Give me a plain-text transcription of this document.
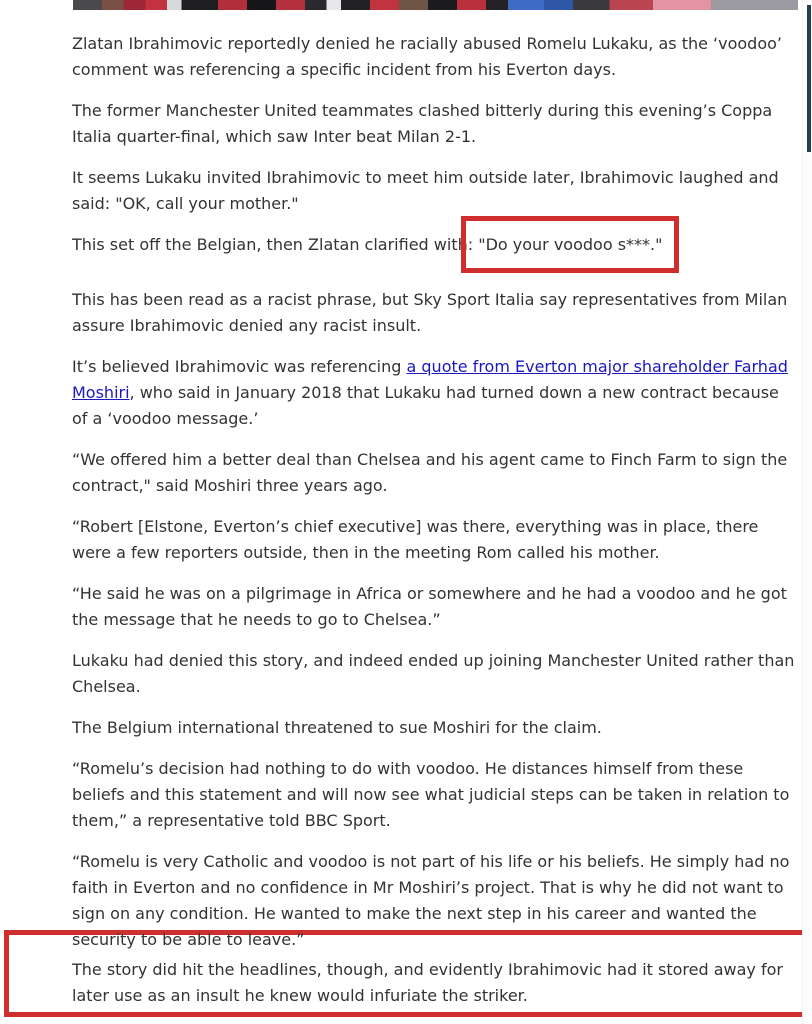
Zlatan Ibrahimovic reportedly denied he racially abused Romelu Lukaku, as the ‘voodoo’ comment was referencing a specific incident from his Everton days.

The former Manchester United teammates clashed bitterly during this evening’s Coppa Italia quarter-final, which saw Inter beat Milan 2-1.

It seems Lukaku invited Ibrahimovic to meet him outside later, Ibrahimovic laughed and said: "OK, call your mother."

This set off the Belgian, then Zlatan clarified with: "Do your voodoo s***."

This has been read as a racist phrase, but Sky Sport Italia say representatives from Milan assure Ibrahimovic denied any racist insult.

It’s believed Ibrahimovic was referencing a quote from Everton major shareholder Farhad Moshiri, who said in January 2018 that Lukaku had turned down a new contract because of a ‘voodoo message.’

“We offered him a better deal than Chelsea and his agent came to Finch Farm to sign the contract," said Moshiri three years ago.

“Robert [Elstone, Everton’s chief executive] was there, everything was in place, there were a few reporters outside, then in the meeting Rom called his mother.

“He said he was on a pilgrimage in Africa or somewhere and he had a voodoo and he got the message that he needs to go to Chelsea.”

Lukaku had denied this story, and indeed ended up joining Manchester United rather than Chelsea.

The Belgium international threatened to sue Moshiri for the claim.

“Romelu’s decision had nothing to do with voodoo. He distances himself from these beliefs and this statement and will now see what judicial steps can be taken in relation to them,” a representative told BBC Sport.

“Romelu is very Catholic and voodoo is not part of his life or his beliefs. He simply had no faith in Everton and no confidence in Mr Moshiri’s project. That is why he did not want to sign on any condition. He wanted to make the next step in his career and wanted the security to be able to leave.”

The story did hit the headlines, though, and evidently Ibrahimovic had it stored away for later use as an insult he knew would infuriate the striker.
